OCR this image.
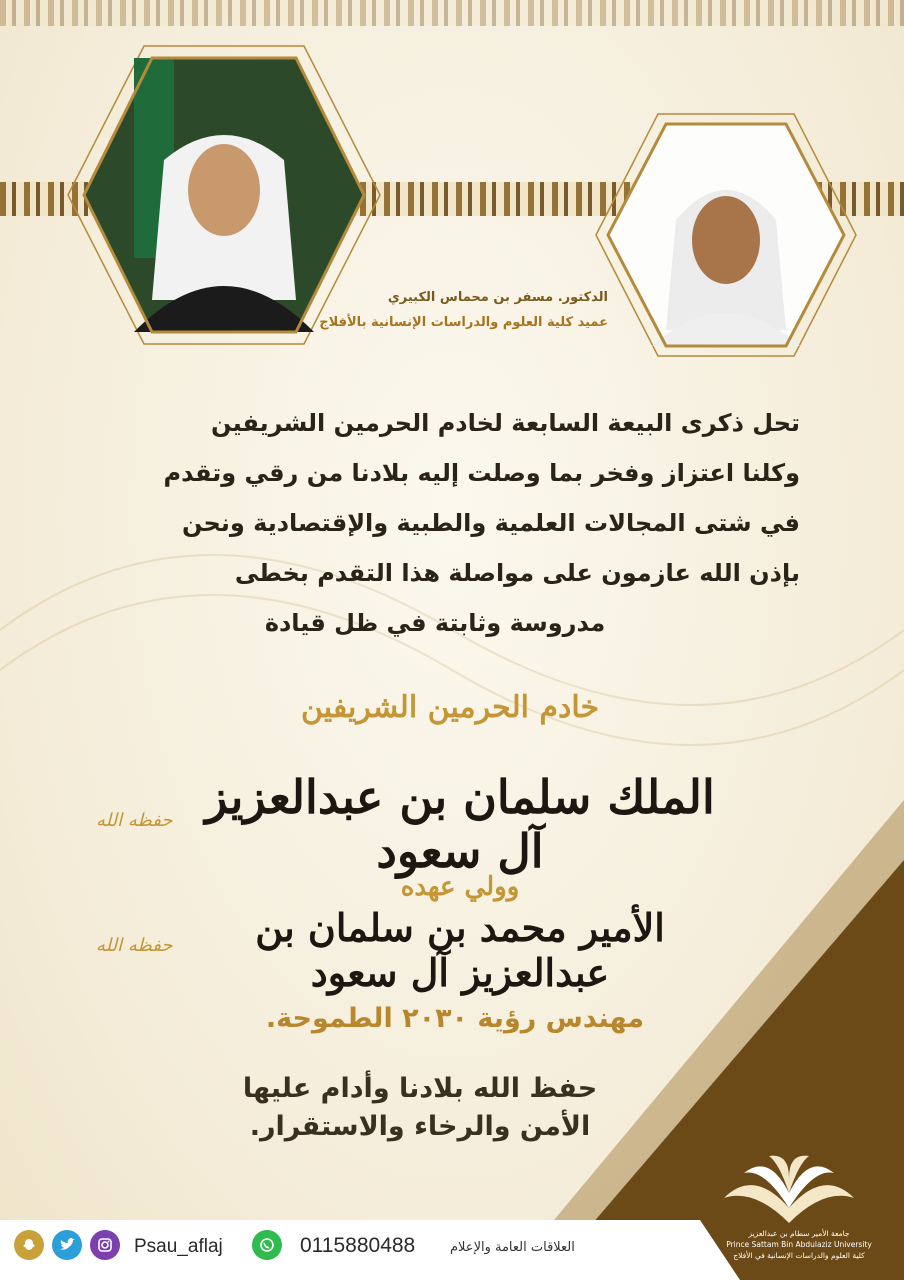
الدكتور. مسفر بن محماس الكبيري
عميد كلية العلوم والدراسات الإنسانية بالأفلاج
تحل ذكرى البيعة السابعة لخادم الحرمين الشريفين
وكلنا اعتزاز وفخر بما وصلت إليه بلادنا من رقي وتقدم
في شتى المجالات العلمية والطبية والإقتصادية ونحن
بإذن الله عازمون على مواصلة هذا التقدم بخطى
مدروسة وثابتة في ظل قيادة
خادم الحرمين الشريفين
الملك سلمان بن عبدالعزيز آل سعود
حفظه الله
وولي عهده
الأمير محمد بن سلمان بن عبدالعزيز آل سعود
حفظه الله
مهندس رؤية ٢٠٣٠ الطموحة.
حفظ الله بلادنا وأدام عليها
الأمن والرخاء والاستقرار.
جامعة الأمير سطام بن عبدالعزيز
Prince Sattam Bin Abdulaziz University
كلية العلوم والدراسات الإنسانية في الأفلاج
Psau_aflaj	0115880488	العلاقات العامة والإعلام
